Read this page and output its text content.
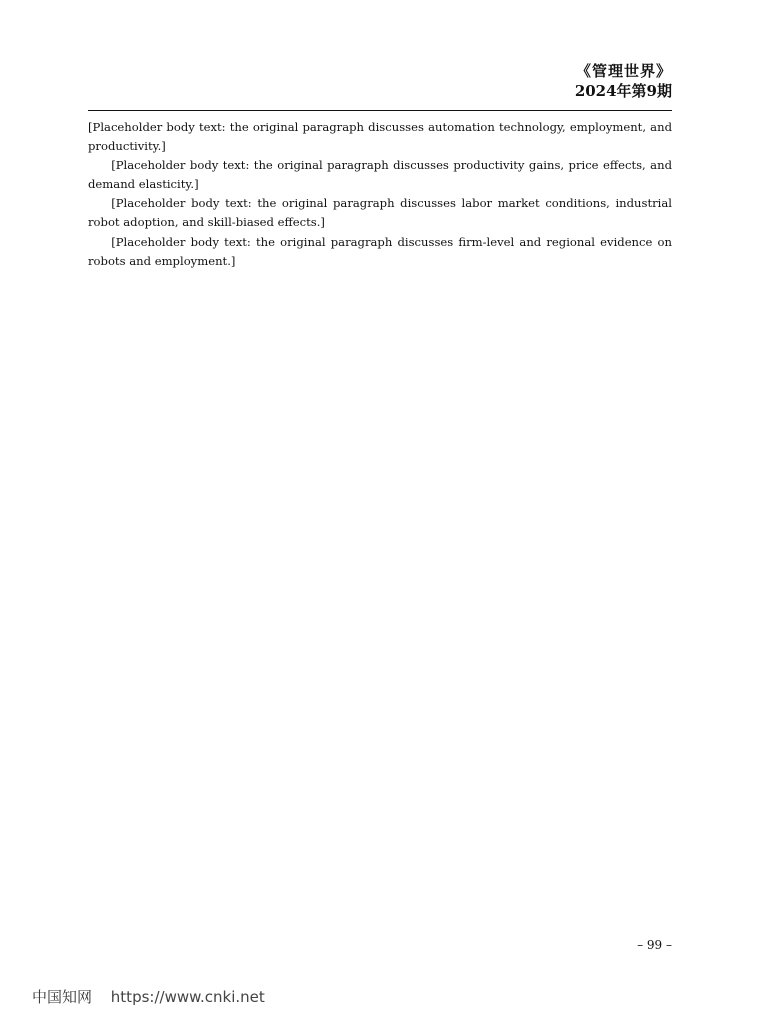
《管理世界》
2024年第9期

[Placeholder body text: the original paragraph discusses automation technology, employment, and productivity.]

[Placeholder body text: the original paragraph discusses productivity gains, price effects, and demand elasticity.]

[Placeholder body text: the original paragraph discusses labor market conditions, industrial robot adoption, and skill-biased effects.]

[Placeholder body text: the original paragraph discusses firm-level and regional evidence on robots and employment.]

– 99 –
中国知网 https://www.cnki.net
